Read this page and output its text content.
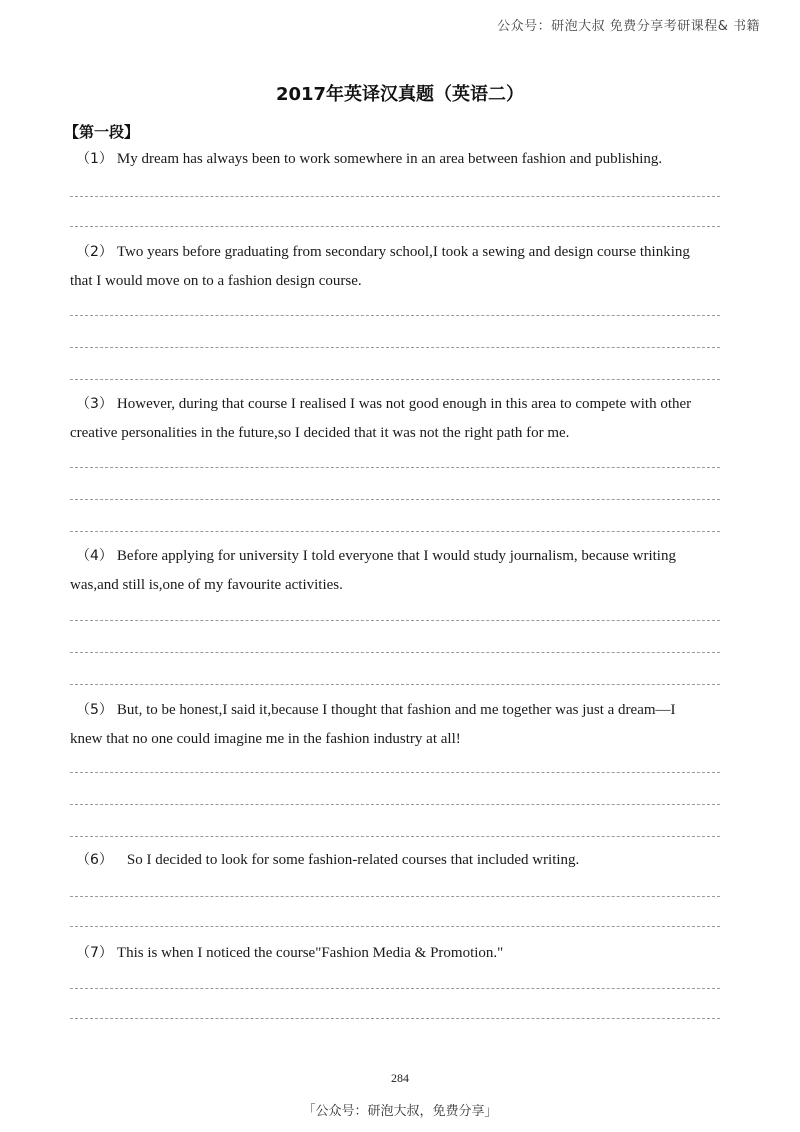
公众号：研泡大叔 免费分享考研课程& 书籍
2017年英译汉真题（英语二）
【第一段】

（1） My dream has always been to work somewhere in an area between fashion and publishing.

（2） Two years before graduating from secondary school,I took a sewing and design course thinking

that I would move on to a fashion design course.

（3） However, during that course I realised I was not good enough in this area to compete with other

creative personalities in the future,so I decided that it was not the right path for me.

（4） Before applying for university I told everyone that I would study journalism, because writing

was,and still is,one of my favourite activities.

（5） But, to be honest,I said it,because I thought that fashion and me together was just a dream—I

knew that no one could imagine me in the fashion industry at all!

（6） So I decided to look for some fashion-related courses that included writing.

（7） This is when I noticed the course"Fashion Media & Promotion."

284
「公众号：研泡大叔，免费分享」
